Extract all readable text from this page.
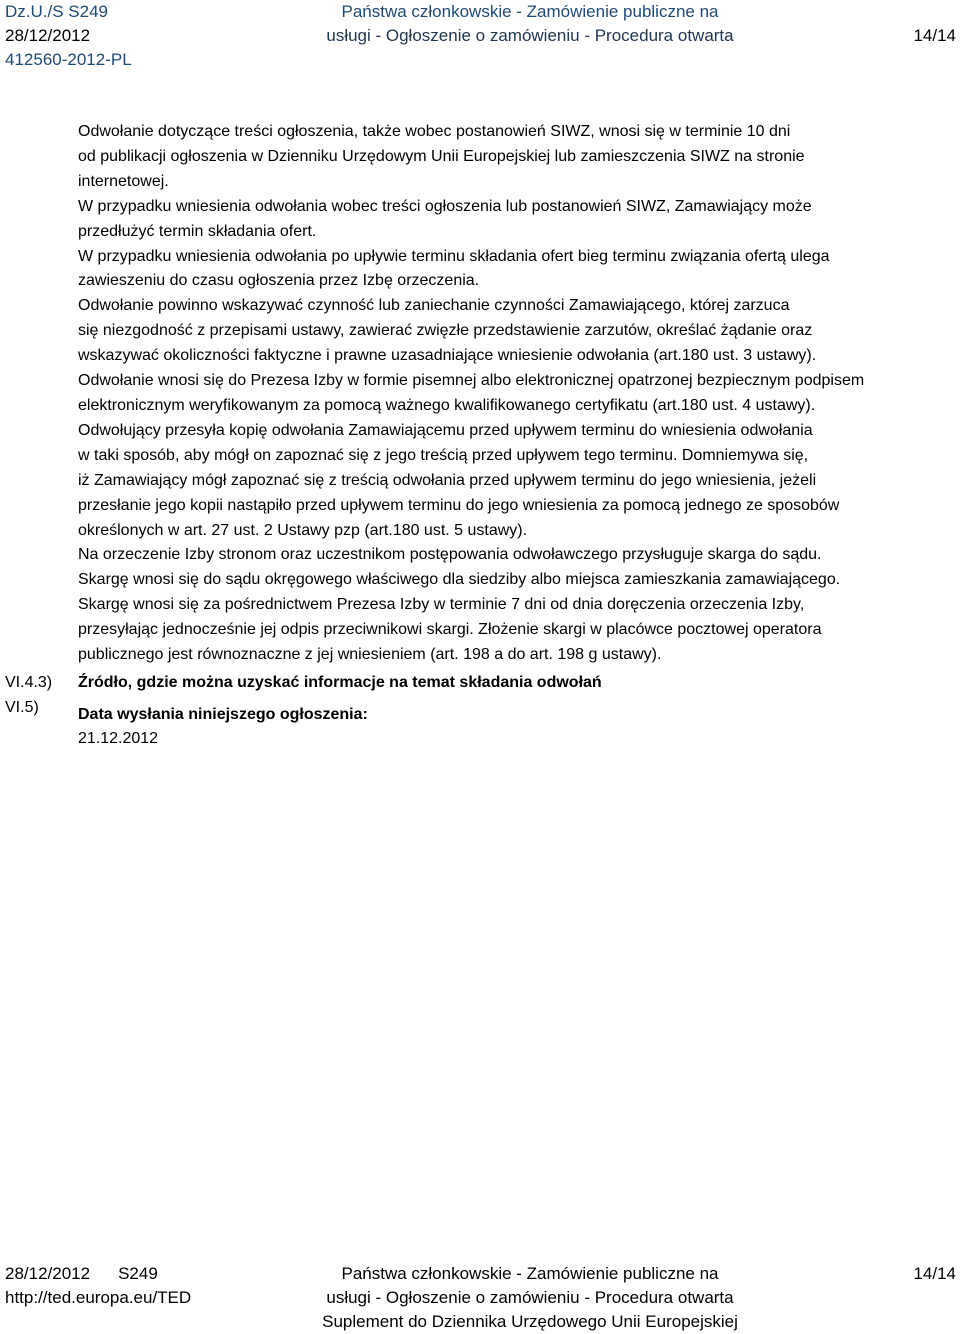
Dz.U./S S249
28/12/2012
412560-2012-PL
Państwa członkowskie - Zamówienie publiczne na
usługi - Ogłoszenie o zamówieniu - Procedura otwarta	14/14

Odwołanie dotyczące treści ogłoszenia, także wobec postanowień SIWZ, wnosi się w terminie 10 dni
od publikacji ogłoszenia w Dzienniku Urzędowym Unii Europejskiej lub zamieszczenia SIWZ na stronie
internetowej.

W przypadku wniesienia odwołania wobec treści ogłoszenia lub postanowień SIWZ, Zamawiający może
przedłużyć termin składania ofert.

W przypadku wniesienia odwołania po upływie terminu składania ofert bieg terminu związania ofertą ulega
zawieszeniu do czasu ogłoszenia przez Izbę orzeczenia.

Odwołanie powinno wskazywać czynność lub zaniechanie czynności Zamawiającego, której zarzuca
się niezgodność z przepisami ustawy, zawierać zwięzłe przedstawienie zarzutów, określać żądanie oraz
wskazywać okoliczności faktyczne i prawne uzasadniające wniesienie odwołania (art.180 ust. 3 ustawy).

Odwołanie wnosi się do Prezesa Izby w formie pisemnej albo elektronicznej opatrzonej bezpiecznym podpisem
elektronicznym weryfikowanym za pomocą ważnego kwalifikowanego certyfikatu (art.180 ust. 4 ustawy).

Odwołujący przesyła kopię odwołania Zamawiającemu przed upływem terminu do wniesienia odwołania
w taki sposób, aby mógł on zapoznać się z jego treścią przed upływem tego terminu. Domniemywa się,
iż Zamawiający mógł zapoznać się z treścią odwołania przed upływem terminu do jego wniesienia, jeżeli
przesłanie jego kopii nastąpiło przed upływem terminu do jego wniesienia za pomocą jednego ze sposobów
określonych w art. 27 ust. 2 Ustawy pzp (art.180 ust. 5 ustawy).

Na orzeczenie Izby stronom oraz uczestnikom postępowania odwoławczego przysługuje skarga do sądu.

Skargę wnosi się do sądu okręgowego właściwego dla siedziby albo miejsca zamieszkania zamawiającego.

Skargę wnosi się za pośrednictwem Prezesa Izby w terminie 7 dni od dnia doręczenia orzeczenia Izby,
przesyłając jednocześnie jej odpis przeciwnikowi skargi. Złożenie skargi w placówce pocztowej operatora
publicznego jest równoznaczne z jej wniesieniem (art. 198 a do art. 198 g ustawy).

VI.4.3) Źródło, gdzie można uzyskać informacje na temat składania odwołań
VI.5) Data wysłania niniejszego ogłoszenia:
21.12.2012
28/12/2012 S249
http://ted.europa.eu/TED
Państwa członkowskie - Zamówienie publiczne na
usługi - Ogłoszenie o zamówieniu - Procedura otwarta
Suplement do Dziennika Urzędowego Unii Europejskiej
14/14
